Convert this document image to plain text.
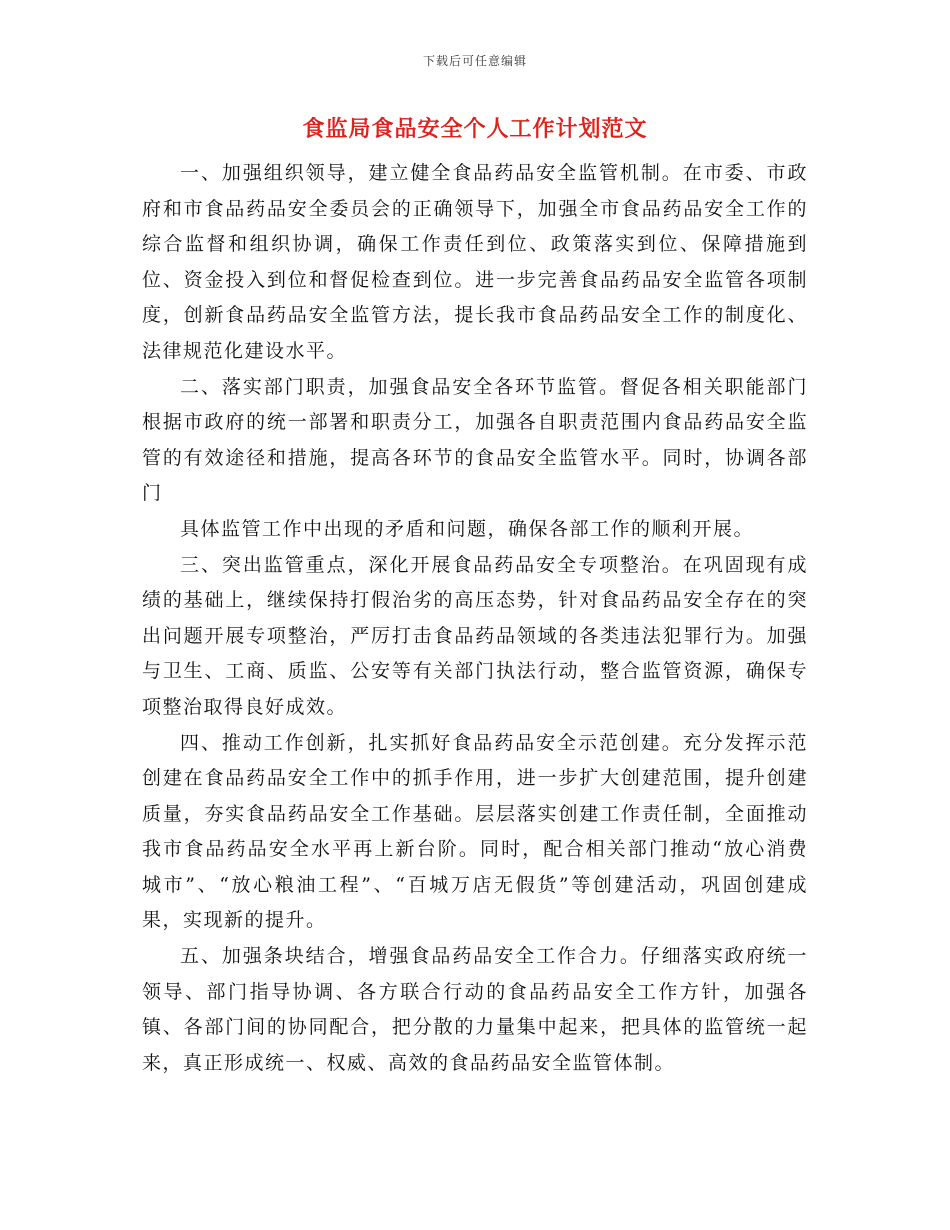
下载后可任意编辑
食监局食品安全个人工作计划范文

一、加强组织领导，建立健全食品药品安全监管机制。在市委、市政府和市食品药品安全委员会的正确领导下，加强全市食品药品安全工作的综合监督和组织协调，确保工作责任到位、政策落实到位、保障措施到位、资金投入到位和督促检查到位。进一步完善食品药品安全监管各项制度，创新食品药品安全监管方法，提长我市食品药品安全工作的制度化、法律规范化建设水平。

二、落实部门职责，加强食品安全各环节监管。督促各相关职能部门根据市政府的统一部署和职责分工，加强各自职责范围内食品药品安全监管的有效途径和措施，提高各环节的食品安全监管水平。同时，协调各部门

具体监管工作中出现的矛盾和问题，确保各部工作的顺利开展。

三、突出监管重点，深化开展食品药品安全专项整治。在巩固现有成绩的基础上，继续保持打假治劣的高压态势，针对食品药品安全存在的突出问题开展专项整治，严厉打击食品药品领域的各类违法犯罪行为。加强与卫生、工商、质监、公安等有关部门执法行动，整合监管资源，确保专项整治取得良好成效。

四、推动工作创新，扎实抓好食品药品安全示范创建。充分发挥示范创建在食品药品安全工作中的抓手作用，进一步扩大创建范围，提升创建质量，夯实食品药品安全工作基础。层层落实创建工作责任制，全面推动我市食品药品安全水平再上新台阶。同时，配合相关部门推动“放心消费城市”、“放心粮油工程”、“百城万店无假货”等创建活动，巩固创建成果，实现新的提升。

五、加强条块结合，增强食品药品安全工作合力。仔细落实政府统一领导、部门指导协调、各方联合行动的食品药品安全工作方针，加强各镇、各部门间的协同配合，把分散的力量集中起来，把具体的监管统一起来，真正形成统一、权威、高效的食品药品安全监管体制。
